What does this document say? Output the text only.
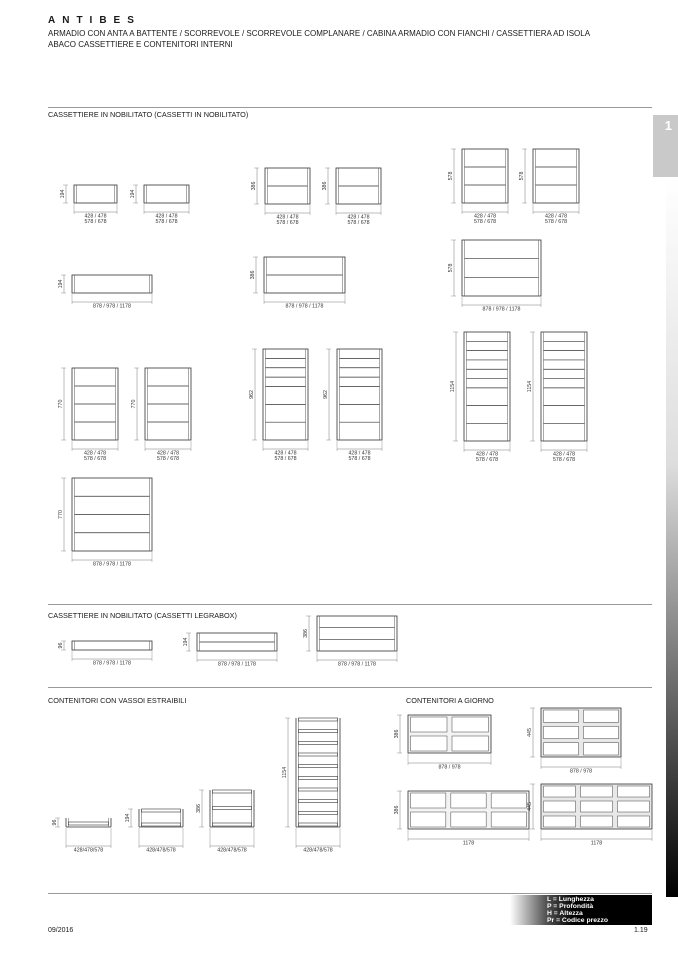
ANTIBES
ARMADIO CON ANTA A BATTENTE / SCORREVOLE / SCORREVOLE COMPLANARE / CABINA ARMADIO CON FIANCHI / CASSETTIERA AD ISOLA
ABACO CASSETTIERE E CONTENITORI INTERNI
CASSETTIERE IN NOBILITATO (CASSETTI IN NOBILITATO)
CASSETTIERE IN NOBILITATO (CASSETTI LEGRABOX)
CONTENITORI CON VASSOI ESTRAIBILI	CONTENITORI A GIORNO
1
194
428 / 478
578 / 678
194
428 / 478
578 / 678
386
428 / 478
578 / 678
386
428 / 478
578 / 678
578
428 / 478
578 / 678
578
428 / 478
578 / 678
194
878 / 978 / 1178
386
878 / 978 / 1178
578
878 / 978 / 1178
770
428 / 478
578 / 678
770
428 / 478
578 / 678
962
428 / 478
578 / 678
962
428 / 478
578 / 678
1154
428 / 478
578 / 678
1154
428 / 478
578 / 678
770
878 / 978 / 1178
96
878 / 978 / 1178
194
878 / 978 / 1178
386
878 / 978 / 1178
96
428/478/578
194
428/478/578
386
428/478/578
1154
428/478/578
386
878 / 978
445
878 / 978
386
1178
445
1178
L = Lunghezza
P = Profondità
H = Altezza
Pr = Codice prezzo
09/2016	1.19
